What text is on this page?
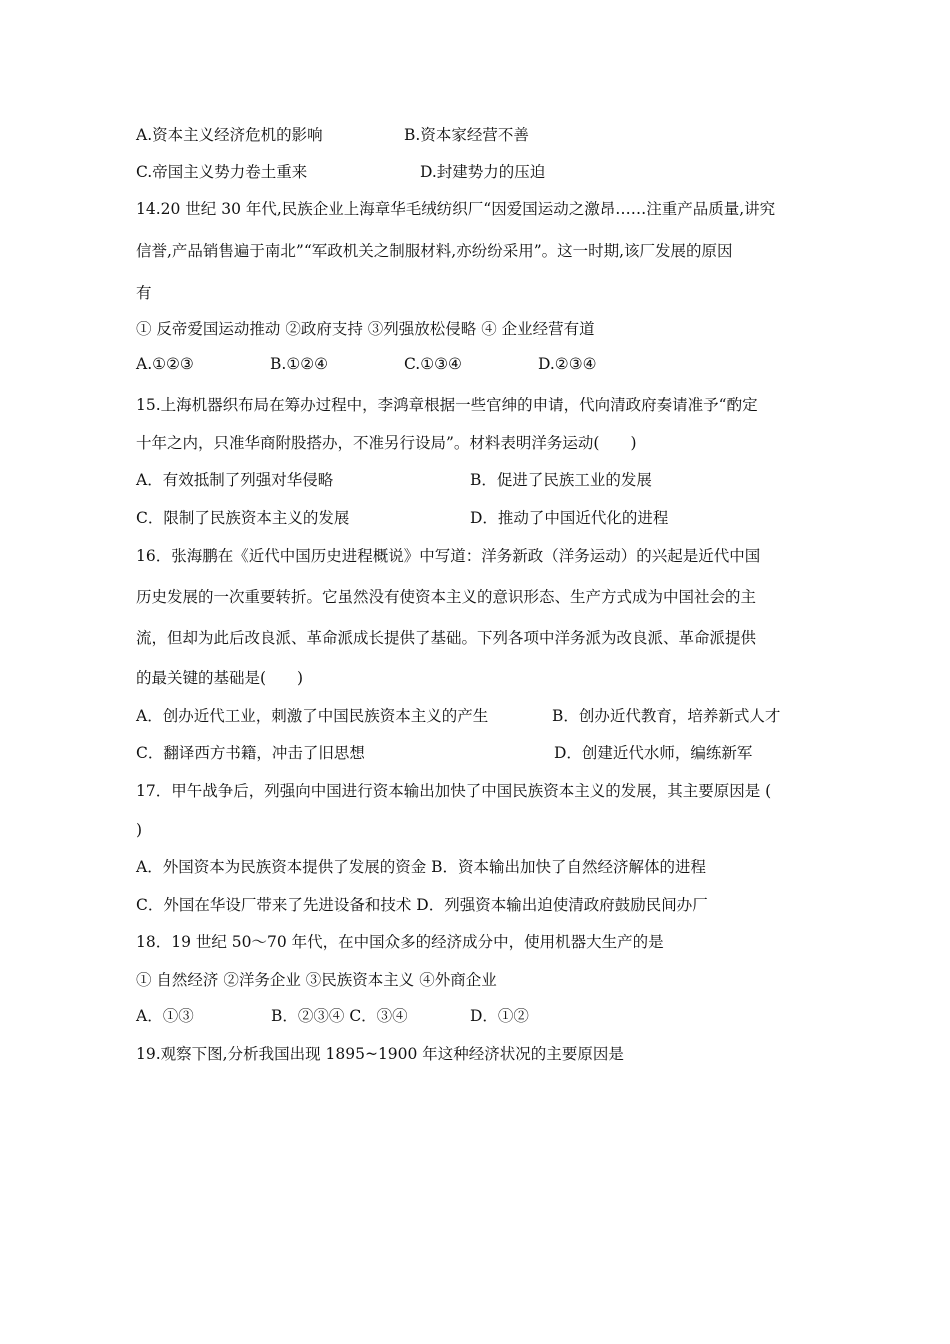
A.资本主义经济危机的影响	B.资本家经营不善
C.帝国主义势力卷土重来	D.封建势力的压迫
14.20 世纪 30 年代,民族企业上海章华毛绒纺织厂“因爱国运动之激昂……注重产品质量,讲究
信誉,产品销售遍于南北”“军政机关之制服材料,亦纷纷采用”。这一时期,该厂发展的原因
有
① 反帝爱国运动推动 ②政府支持 ③列强放松侵略 ④ 企业经营有道
A.①②③	B.①②④	C.①③④	D.②③④
15.上海机器织布局在筹办过程中，李鸿章根据一些官绅的申请，代向清政府奏请准予“酌定
十年之内，只准华商附股搭办，不准另行设局”。材料表明洋务运动(　　)
A．有效抵制了列强对华侵略	B．促进了民族工业的发展
C．限制了民族资本主义的发展	D．推动了中国近代化的进程
16．张海鹏在《近代中国历史进程概说》中写道：洋务新政（洋务运动）的兴起是近代中国
历史发展的一次重要转折。它虽然没有使资本主义的意识形态、生产方式成为中国社会的主
流，但却为此后改良派、革命派成长提供了基础。下列各项中洋务派为改良派、革命派提供
的最关键的基础是(　　)
A．创办近代工业，刺激了中国民族资本主义的产生	B．创办近代教育，培养新式人才
C．翻译西方书籍，冲击了旧思想	D．创建近代水师，编练新军
17．甲午战争后，列强向中国进行资本输出加快了中国民族资本主义的发展，其主要原因是 (
)
A．外国资本为民族资本提供了发展的资金 B．资本输出加快了自然经济解体的进程
C．外国在华设厂带来了先进设备和技术 D．列强资本输出迫使清政府鼓励民间办厂
18．19 世纪 50～70 年代，在中国众多的经济成分中，使用机器大生产的是
① 自然经济 ②洋务企业 ③民族资本主义 ④外商企业
A．①③	B．②③④ C．③④	D．①②
19.观察下图,分析我国出现 1895~1900 年这种经济状况的主要原因是
